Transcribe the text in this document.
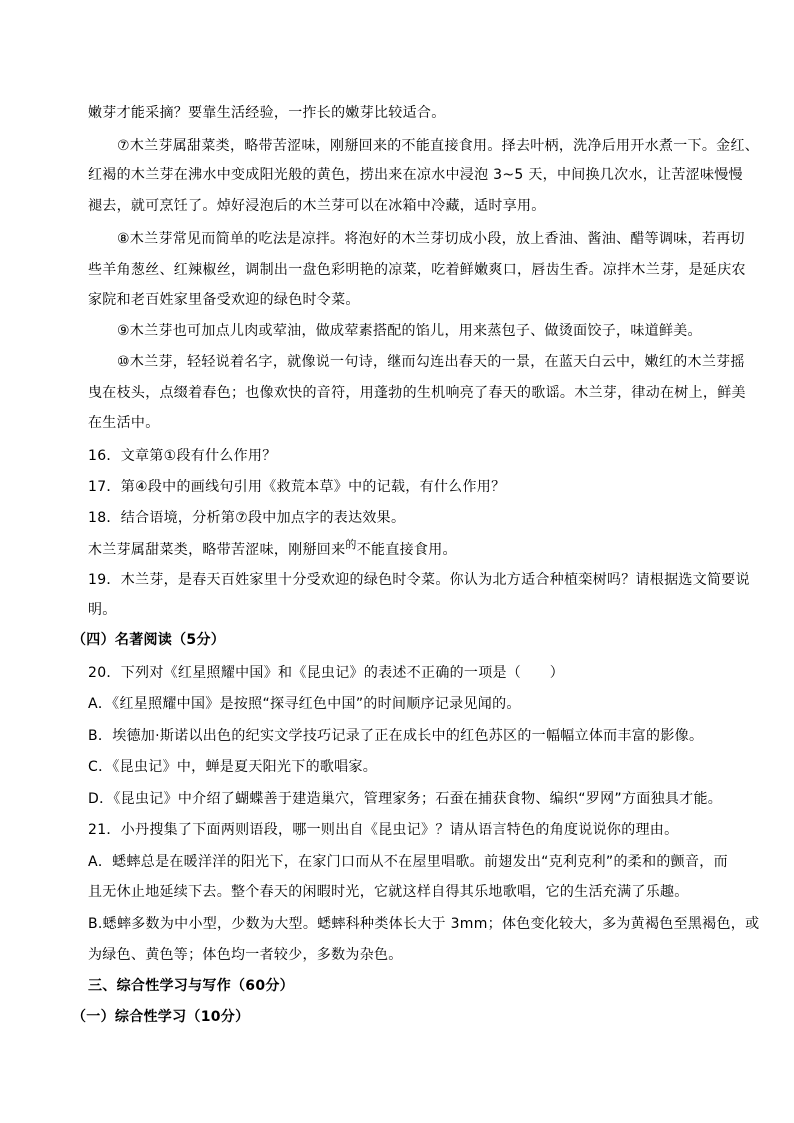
嫩芽才能采摘？要靠生活经验，一拃长的嫩芽比较适合。
⑦木兰芽属甜菜类，略带苦涩味，刚掰回来的不能直接食用。择去叶柄，洗净后用开水煮一下。金红、
红褐的木兰芽在沸水中变成阳光般的黄色，捞出来在凉水中浸泡 3~5 天，中间换几次水，让苦涩味慢慢
褪去，就可烹饪了。焯好浸泡后的木兰芽可以在冰箱中冷藏，适时享用。
⑧木兰芽常见而简单的吃法是凉拌。将泡好的木兰芽切成小段，放上香油、酱油、醋等调味，若再切
些羊角葱丝、红辣椒丝，调制出一盘色彩明艳的凉菜，吃着鲜嫩爽口，唇齿生香。凉拌木兰芽，是延庆农
家院和老百姓家里备受欢迎的绿色时令菜。
⑨木兰芽也可加点儿肉或荤油，做成荤素搭配的馅儿，用来蒸包子、做烫面饺子，味道鲜美。
⑩木兰芽，轻轻说着名字，就像说一句诗，继而勾连出春天的一景，在蓝天白云中，嫩红的木兰芽摇
曳在枝头，点缀着春色；也像欢快的音符，用蓬勃的生机响亮了春天的歌谣。木兰芽，律动在树上，鲜美
在生活中。
16．文章第①段有什么作用？
17．第④段中的画线句引用《救荒本草》中的记载，有什么作用？
18．结合语境，分析第⑦段中加点字的表达效果。
木兰芽属甜菜类，略带苦涩味，刚掰回来$^的$不能直接食用。
19．木兰芽，是春天百姓家里十分受欢迎的绿色时令菜。你认为北方适合种植栾树吗？请根据选文简要说
明。
（四）名著阅读（5分）
20．下列对《红星照耀中国》和《昆虫记》的表述不正确的一项是（　　）
A．《红星照耀中国》是按照“探寻红色中国”的时间顺序记录见闻的。
B．埃德加·斯诺以出色的纪实文学技巧记录了正在成长中的红色苏区的一幅幅立体而丰富的影像。
C．《昆虫记》中，蝉是夏天阳光下的歌唱家。
D．《昆虫记》中介绍了蝴蝶善于建造巢穴，管理家务；石蚕在捕获食物、编织“罗网”方面独具才能。
21．小丹搜集了下面两则语段，哪一则出自《昆虫记》？请从语言特色的角度说说你的理由。
A．蟋蟀总是在暖洋洋的阳光下，在家门口而从不在屋里唱歌。前翅发出“克利克利”的柔和的颤音，而
且无休止地延续下去。整个春天的闲暇时光，它就这样自得其乐地歌唱，它的生活充满了乐趣。
B.蟋蟀多数为中小型，少数为大型。蟋蟀科种类体长大于 3mm；体色变化较大，多为黄褐色至黑褐色，或
为绿色、黄色等；体色均一者较少，多数为杂色。
三、综合性学习与写作（60分）
（一）综合性学习（10分）
